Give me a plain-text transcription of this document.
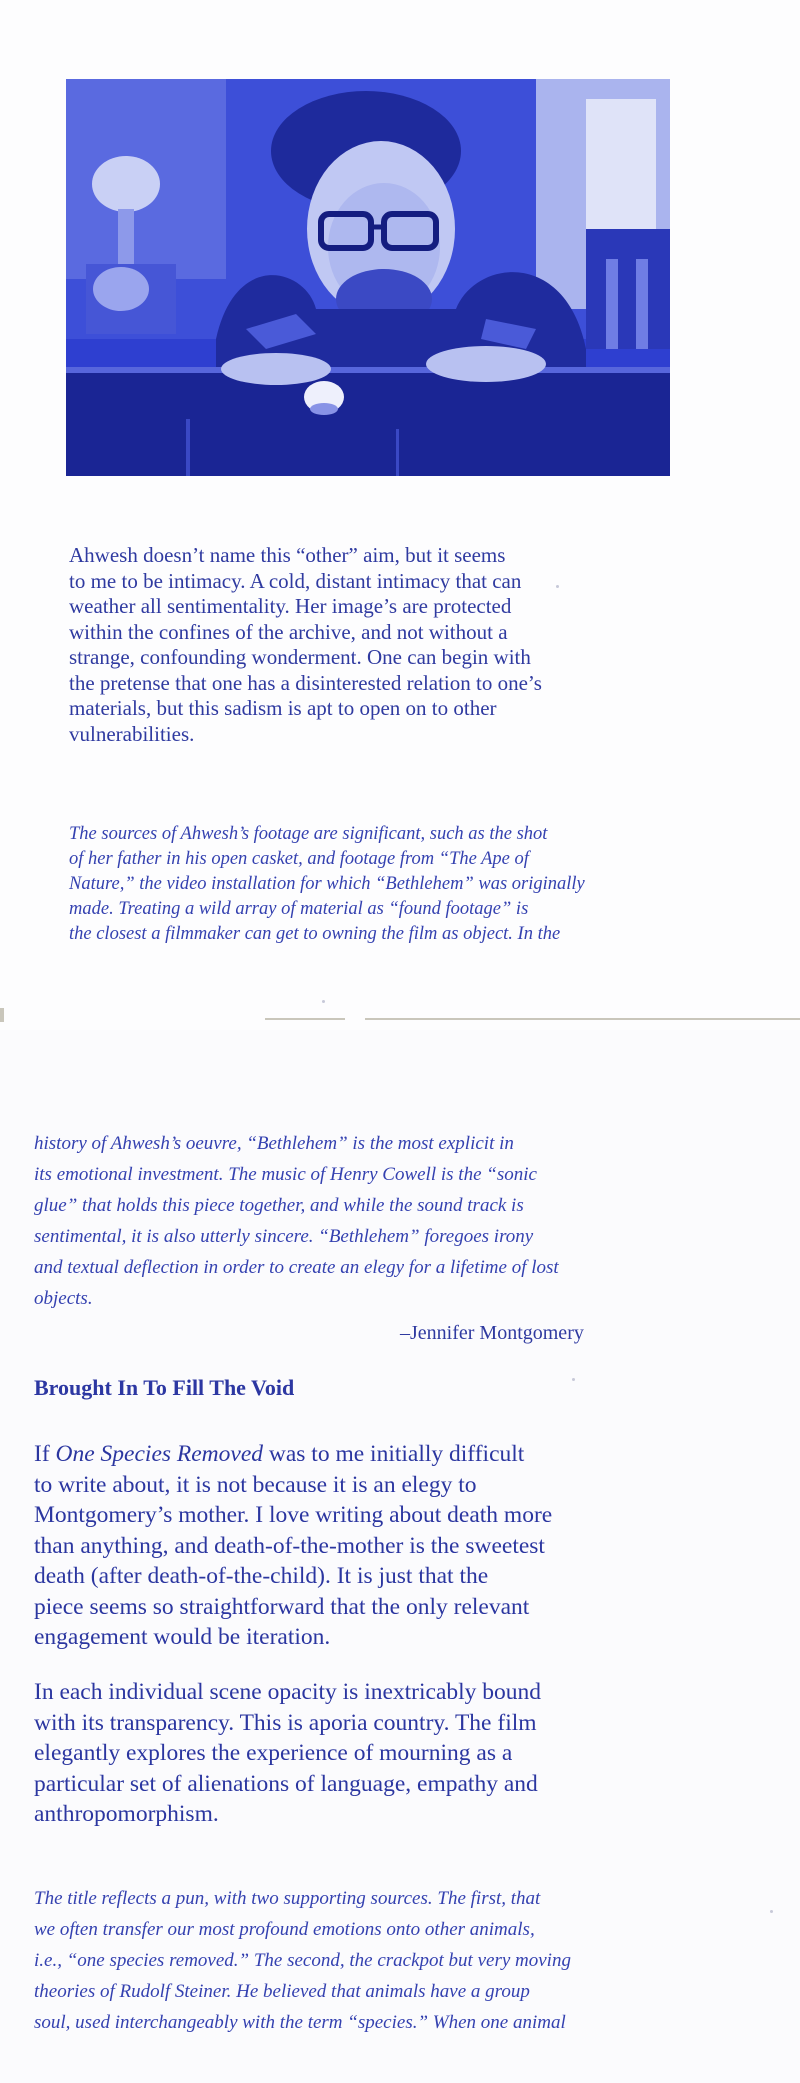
Ahwesh doesn’t name this “other” aim, but it seems
to me to be intimacy. A cold, distant intimacy that can
weather all sentimentality. Her image’s are protected
within the confines of the archive, and not without a
strange, confounding wonderment. One can begin with
the pretense that one has a disinterested relation to one’s
materials, but this sadism is apt to open on to other
vulnerabilities.

The sources of Ahwesh’s footage are significant, such as the shot
of her father in his open casket, and footage from “The Ape of
Nature,” the video installation for which “Bethlehem” was originally
made. Treating a wild array of material as “found footage” is
the closest a filmmaker can get to owning the film as object. In the

history of Ahwesh’s oeuvre, “Bethlehem” is the most explicit in
its emotional investment. The music of Henry Cowell is the “sonic
glue” that holds this piece together, and while the sound track is
sentimental, it is also utterly sincere. “Bethlehem” foregoes irony
and textual deflection in order to create an elegy for a lifetime of lost
objects.

–Jennifer Montgomery
Brought In To Fill The Void

If One Species Removed was to me initially difficult
to write about, it is not because it is an elegy to
Montgomery’s mother. I love writing about death more
than anything, and death-of-the-mother is the sweetest
death (after death-of-the-child). It is just that the
piece seems so straightforward that the only relevant
engagement would be iteration.

In each individual scene opacity is inextricably bound
with its transparency. This is aporia country. The film
elegantly explores the experience of mourning as a
particular set of alienations of language, empathy and
anthropomorphism.

The title reflects a pun, with two supporting sources. The first, that
we often transfer our most profound emotions onto other animals,
i.e., “one species removed.” The second, the crackpot but very moving
theories of Rudolf Steiner. He believed that animals have a group
soul, used interchangeably with the term “species.” When one animal
